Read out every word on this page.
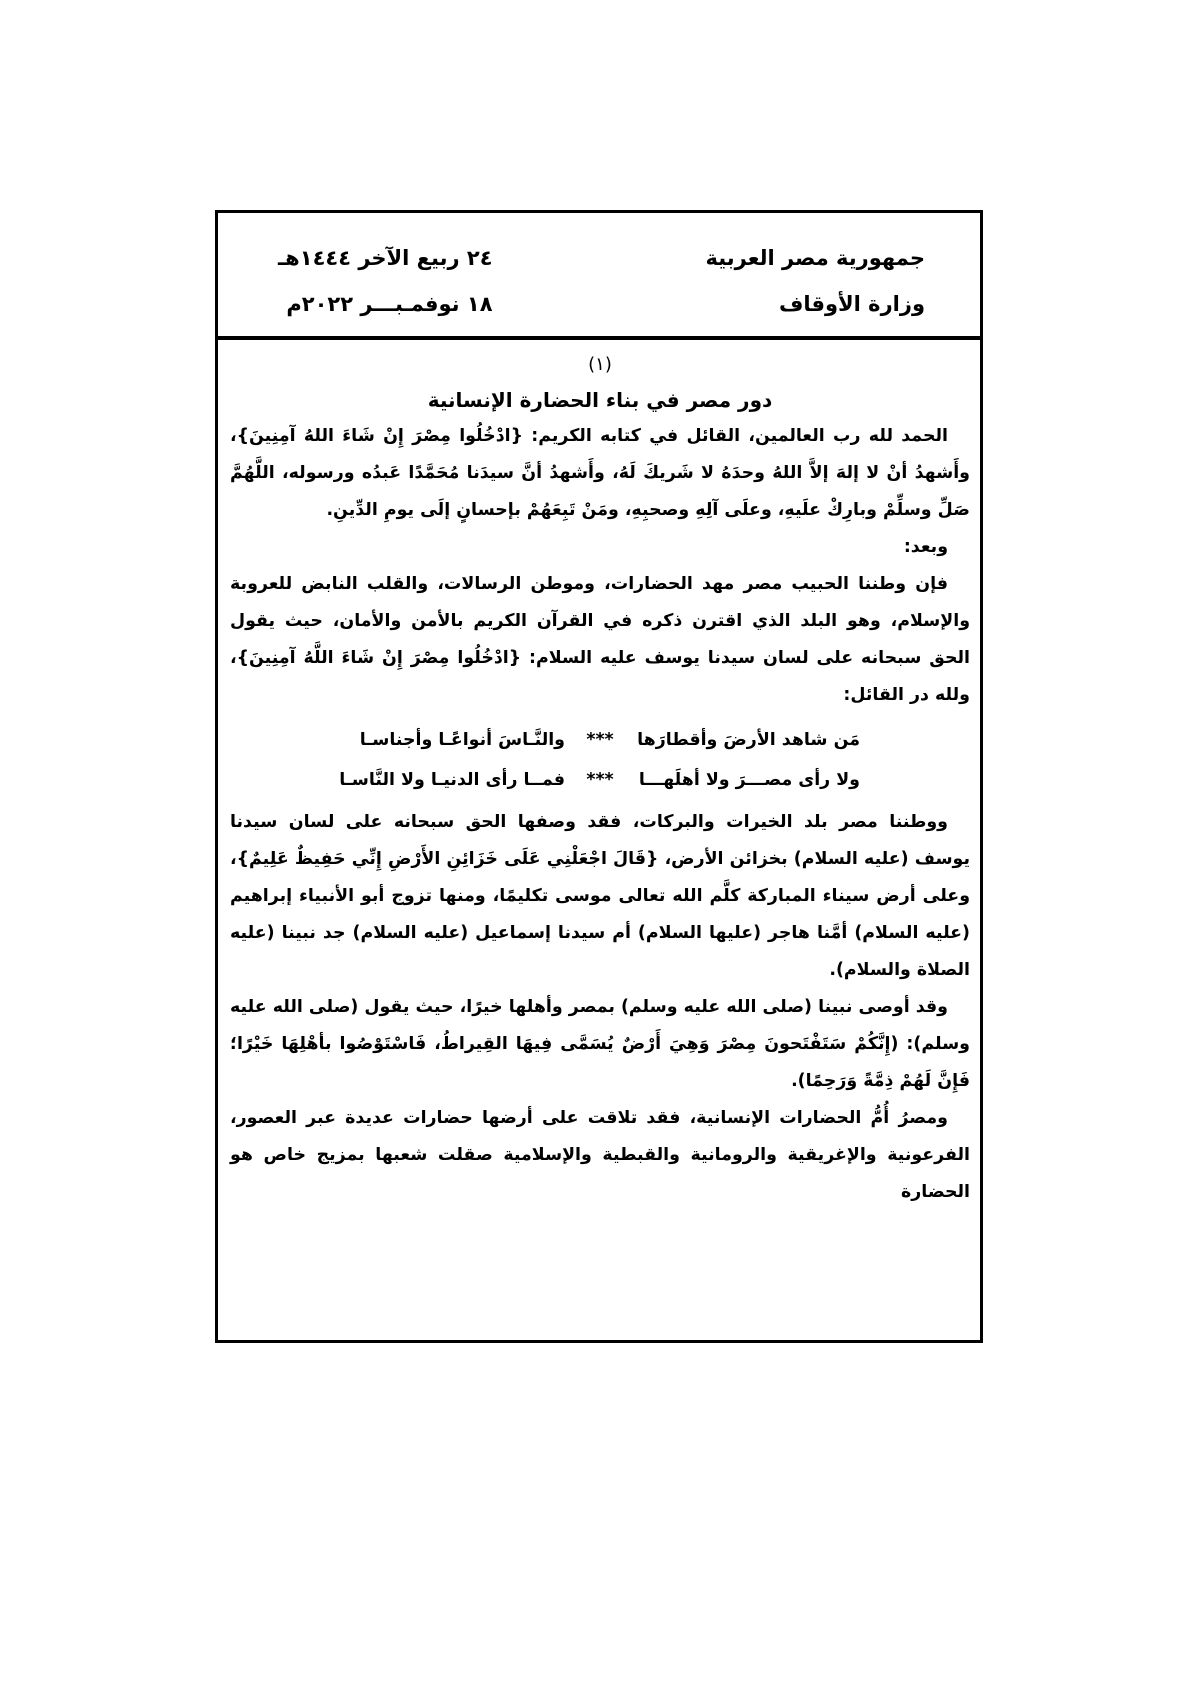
جمهورية مصر العربية
وزارة الأوقاف
٢٤ ربيع الآخر ١٤٤٤هـ
١٨ نوفمـبـــر ٢٠٢٢م

(١)

دور مصر في بناء الحضارة الإنسانية

الحمد لله رب العالمين، القائل في كتابه الكريم: {ادْخُلُوا مِصْرَ إِنْ شَاءَ اللهُ آمِنِينَ}، وأَشهدُ أنْ لا إلهَ إلاَّ اللهُ وحدَهُ لا شَريكَ لَهُ، وأَشهدُ أنَّ سيدَنا مُحَمَّدًا عَبدُه ورسوله، اللَّهُمَّ صَلِّ وسلِّمْ وبارِكْ علَيهِ، وعلَى آلِهِ وصحبِهِ، ومَنْ تَبِعَهُمْ بإحسانٍ إلَى يومِ الدِّينِ.

وبعد:

فإن وطننا الحبيب مصر مهد الحضارات، وموطن الرسالات، والقلب النابض للعروبة والإسلام، وهو البلد الذي اقترن ذكره في القرآن الكريم بالأمن والأمان، حيث يقول الحق سبحانه على لسان سيدنا يوسف عليه السلام: {ادْخُلُوا مِصْرَ إِنْ شَاءَ اللَّهُ آمِنِينَ}، ولله در القائل:

مَن شاهد الأرضَ وأقطارَها
***
والنَّـاسَ أنواعًـا وأجناسـا
ولا رأى مصـــرَ ولا أهلَهـــا
***
فمــا رأى الدنيـا ولا النَّاسـا

ووطننا مصر بلد الخيرات والبركات، فقد وصفها الحق سبحانه على لسان سيدنا يوسف (عليه السلام) بخزائن الأرض، {قَالَ اجْعَلْنِي عَلَى خَزَائِنِ الأَرْضِ إِنِّي حَفِيظٌ عَلِيمٌ}، وعلى أرض سيناء المباركة كلَّم الله تعالى موسى تكليمًا، ومنها تزوج أبو الأنبياء إبراهيم (عليه السلام) أمَّنا هاجر (عليها السلام) أم سيدنا إسماعيل (عليه السلام) جد نبينا (عليه الصلاة والسلام).

وقد أوصى نبينا (صلى الله عليه وسلم) بمصر وأهلها خيرًا، حيث يقول (صلى الله عليه وسلم): (إِنَّكُمْ سَتَفْتَحونَ مِصْرَ وَهِيَ أَرْضٌ يُسَمَّى فِيهَا القِيراطُ، فَاسْتَوْصُوا بأهْلِهَا خَيْرًا؛ فَإِنَّ لَهُمْ ذِمَّةً وَرَحِمًا).

ومصرُ أُمُّ الحضارات الإنسانية، فقد تلاقت على أرضها حضارات عديدة عبر العصور، الفرعونية والإغريقية والرومانية والقبطية والإسلامية صقلت شعبها بمزيج خاص هو الحضارة
